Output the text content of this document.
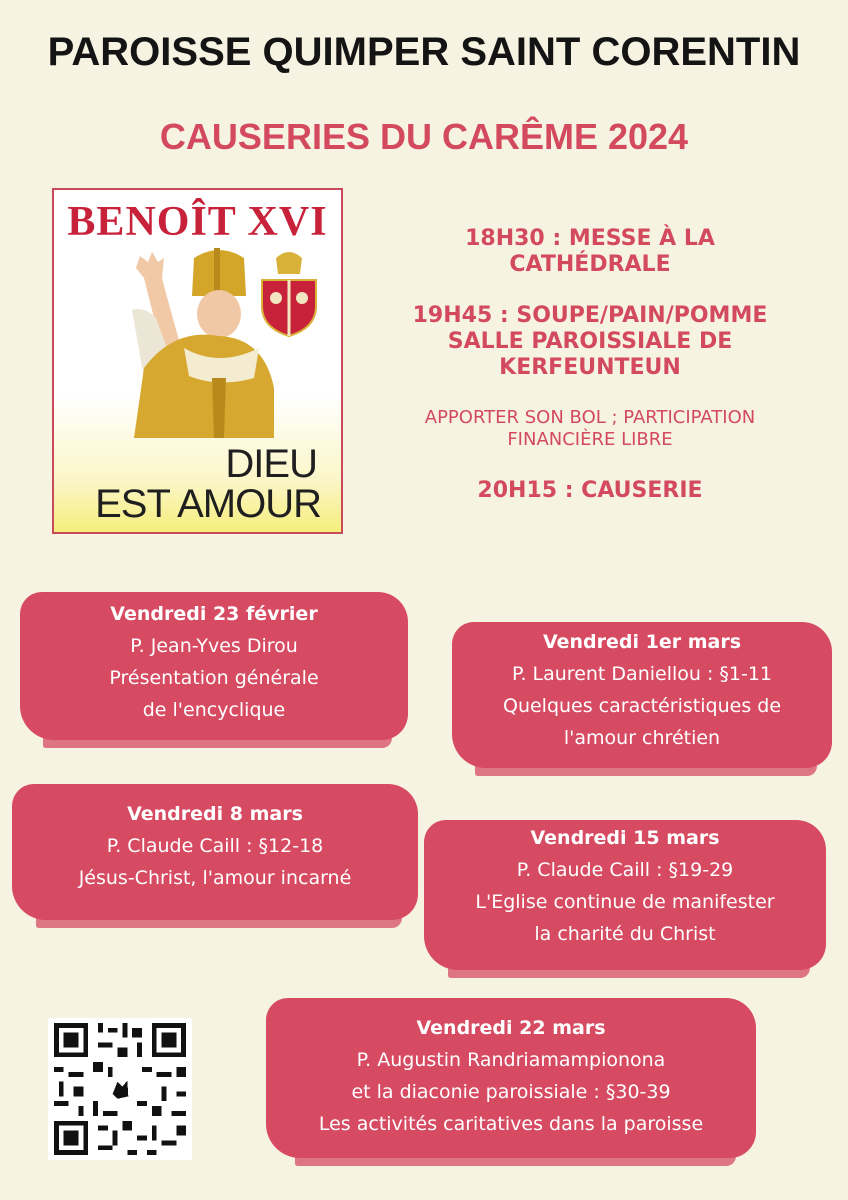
PAROISSE QUIMPER SAINT CORENTIN
CAUSERIES DU CARÊME 2024
BENOÎT XVI
DIEU
EST AMOUR
18H30 : MESSE À LA
CATHÉDRALE
19H45 : SOUPE/PAIN/POMME
SALLE PAROISSIALE DE
KERFEUNTEUN
APPORTER SON BOL ; PARTICIPATION
FINANCIÈRE LIBRE
20H15 : CAUSERIE
Vendredi 23 février
P. Jean-Yves Dirou
Présentation générale
de l'encyclique
Vendredi 1er mars
P. Laurent Daniellou : §1-11
Quelques caractéristiques de
l'amour chrétien
Vendredi 8 mars
P. Claude Caill : §12-18
Jésus-Christ, l'amour incarné
Vendredi 15 mars
P. Claude Caill : §19-29
L'Eglise continue de manifester
la charité du Christ
Vendredi 22 mars
P. Augustin Randriamampionona
et la diaconie paroissiale : §30-39
Les activités caritatives dans la paroisse
